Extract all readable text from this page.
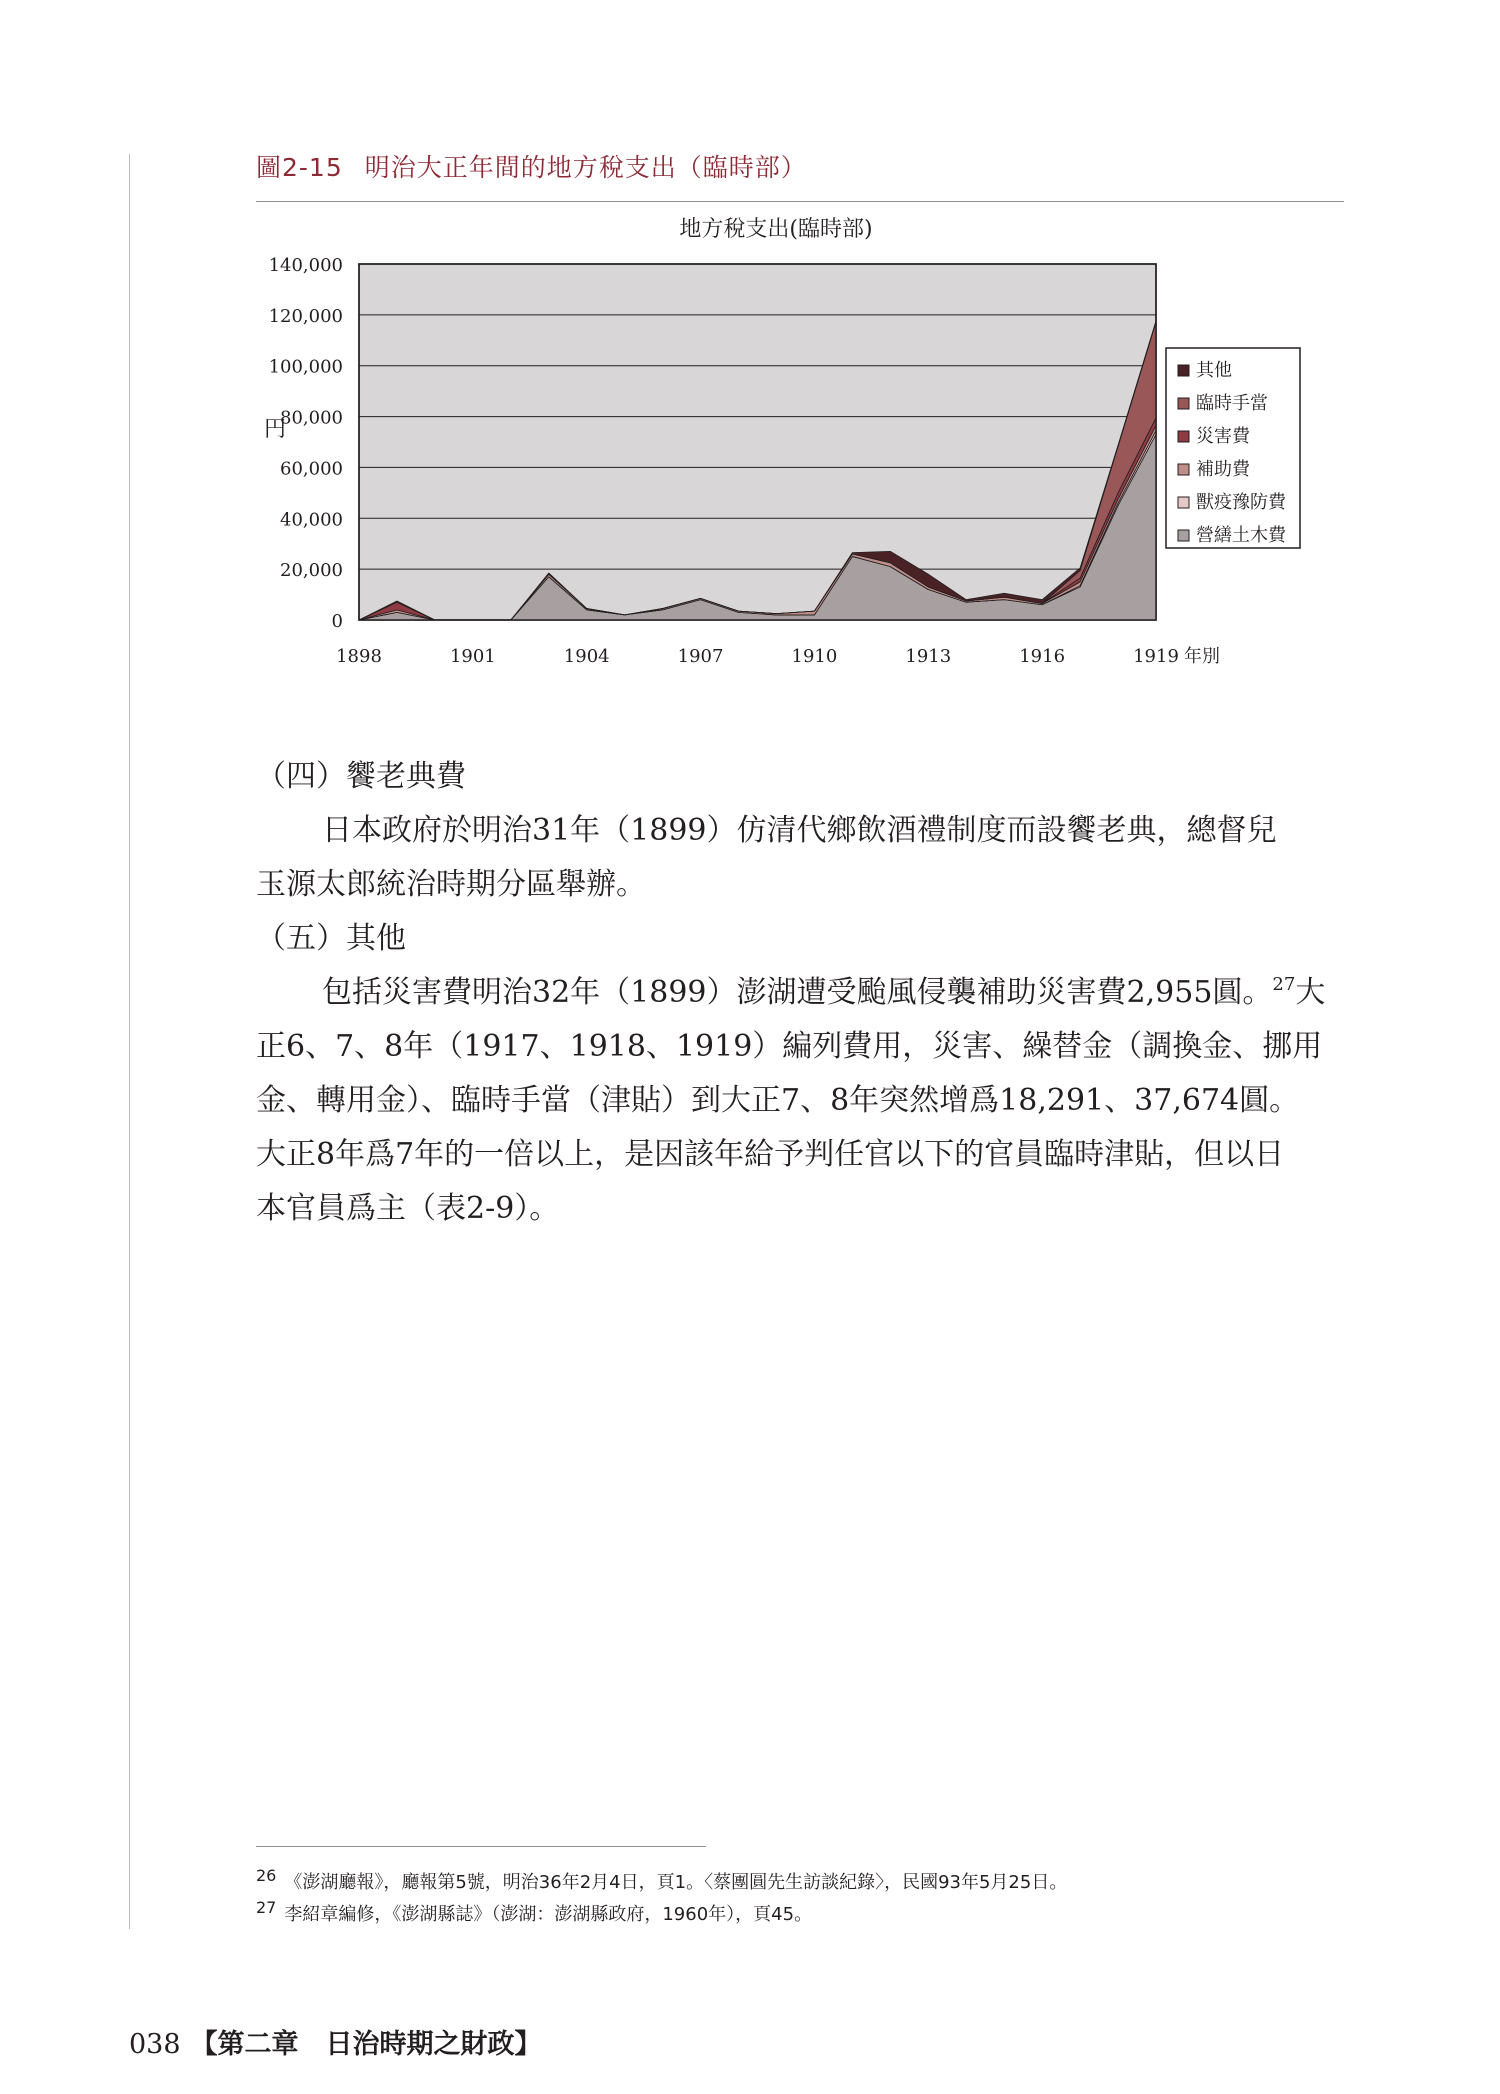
圖2-15 明治大正年間的地方稅支出（臨時部）
地方稅支出(臨時部)
0
20,000
40,000
60,000
80,000
100,000
120,000
140,000
1898	1901	1904	1907	1910	1913	1916	1919
円
年別
其他
臨時手當
災害費
補助費
獸疫豫防費
營繕土木費
（四）饗老典費
日本政府於明治31年（1899）仿清代鄉飲酒禮制度而設饗老典，總督兒
玉源太郎統治時期分區舉辦。
（五）其他
包括災害費明治32年（1899）澎湖遭受颱風侵襲補助災害費2,955圓。$^{27}$大
正6、7、8年（1917、1918、1919）編列費用，災害、繰替金（調換金、挪用
金、轉用金）、臨時手當（津貼）到大正7、8年突然增爲18,291、37,674圓。
大正8年爲7年的一倍以上，是因該年給予判任官以下的官員臨時津貼，但以日
本官員爲主（表2-9）。
26 《澎湖廳報》，廳報第5號，明治36年2月4日，頁1。〈蔡團圓先生訪談紀錄〉，民國93年5月25日。
27 李紹章編修，《澎湖縣誌》（澎湖：澎湖縣政府，1960年），頁45。
038 【第二章　日治時期之財政】
